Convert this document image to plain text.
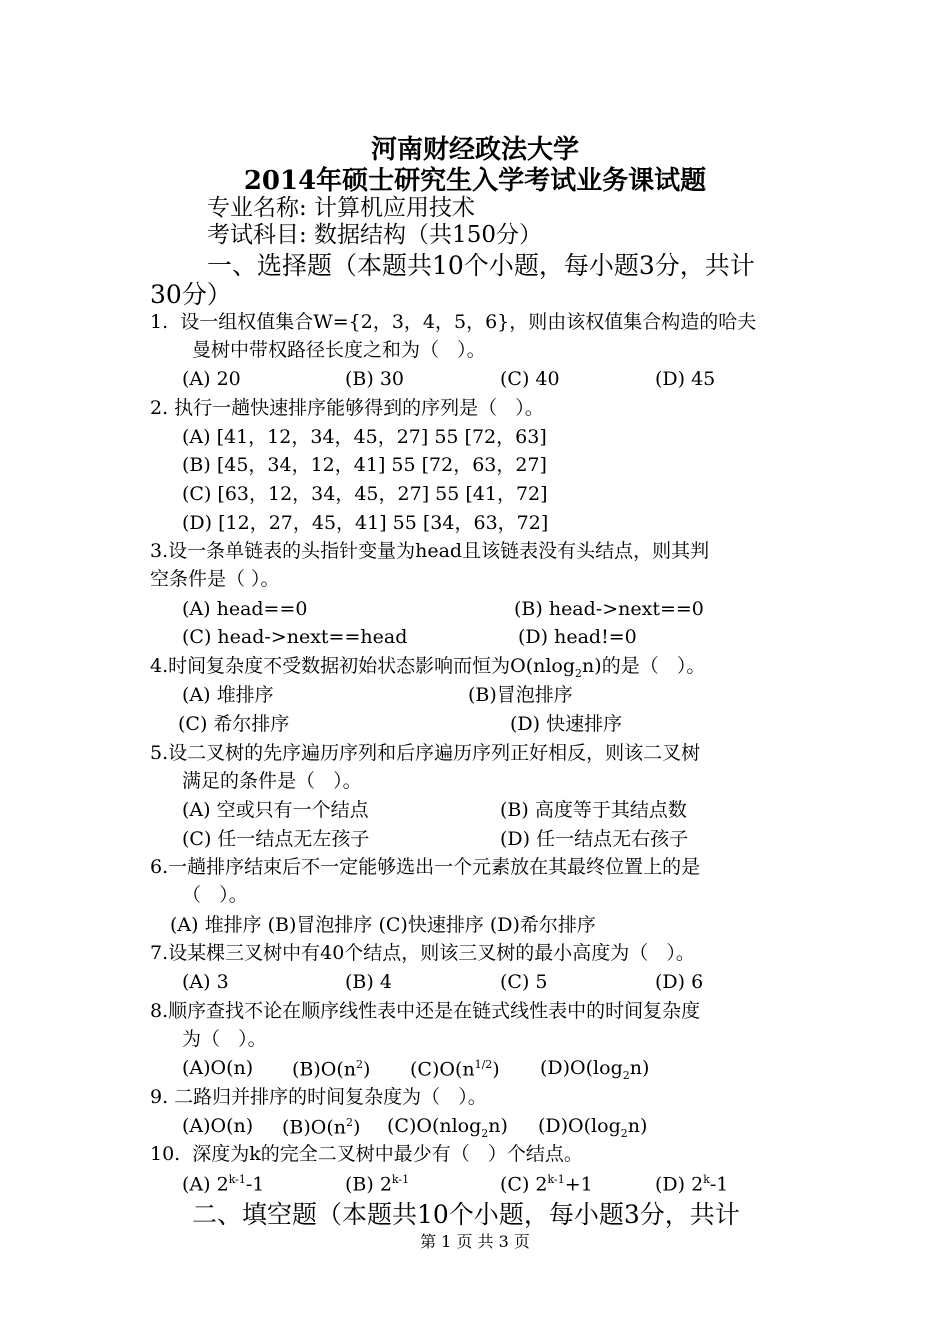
河南财经政法大学
2014年硕士研究生入学考试业务课试题
专业名称: 计算机应用技术
考试科目: 数据结构（共150分）
一、选择题（本题共10个小题，每小题3分，共计
30分）
1.  设一组权值集合W={2，3，4，5，6}，则由该权值集合构造的哈夫
曼树中带权路径长度之和为（   ）。
(A) 20	(B) 30	(C) 40	(D) 45
2. 执行一趟快速排序能够得到的序列是（   ）。
(A) [41，12，34，45，27] 55 [72，63]
(B) [45，34，12，41] 55 [72，63，27]
(C) [63，12，34，45，27] 55 [41，72]
(D) [12，27，45，41] 55 [34，63，72]
3.设一条单链表的头指针变量为head且该链表没有头结点，则其判
空条件是（ ）。
(A) head==0	(B) head->next==0
(C) head->next==head	(D) head!=0
4.时间复杂度不受数据初始状态影响而恒为O(nlog$_2$n)的是（   ）。
(A) 堆排序	(B)冒泡排序
(C) 希尔排序	(D) 快速排序
5.设二叉树的先序遍历序列和后序遍历序列正好相反，则该二叉树
满足的条件是（   ）。
(A) 空或只有一个结点	(B) 高度等于其结点数
(C) 任一结点无左孩子	(D) 任一结点无右孩子
6.一趟排序结束后不一定能够选出一个元素放在其最终位置上的是
（   ）。
(A) 堆排序 (B)冒泡排序 (C)快速排序 (D)希尔排序
7.设某棵三叉树中有40个结点，则该三叉树的最小高度为（   ）。
(A) 3	(B) 4	(C) 5	(D) 6
8.顺序查找不论在顺序线性表中还是在链式线性表中的时间复杂度
为（   ）。
(A)O(n) $(B)O(n^2)$ $(C)O(n^{1/2})$ $(D)O(\log_2n)$
9. 二路归并排序的时间复杂度为（   ）。
(A)O(n) $(B)O(n^2)$ (C)O(nlog$_2$n) $(D)O(\log_2n)$
10.  深度为k的完全二叉树中最少有（   ）个结点。
(A) 2$^{k-1}$-1	(B) 2$^{k-1}$	(C) $2^{k-1}+1$	(D) 2$^k$-1
二、填空题（本题共10个小题，每小题3分，共计
第 1 页 共 3 页
